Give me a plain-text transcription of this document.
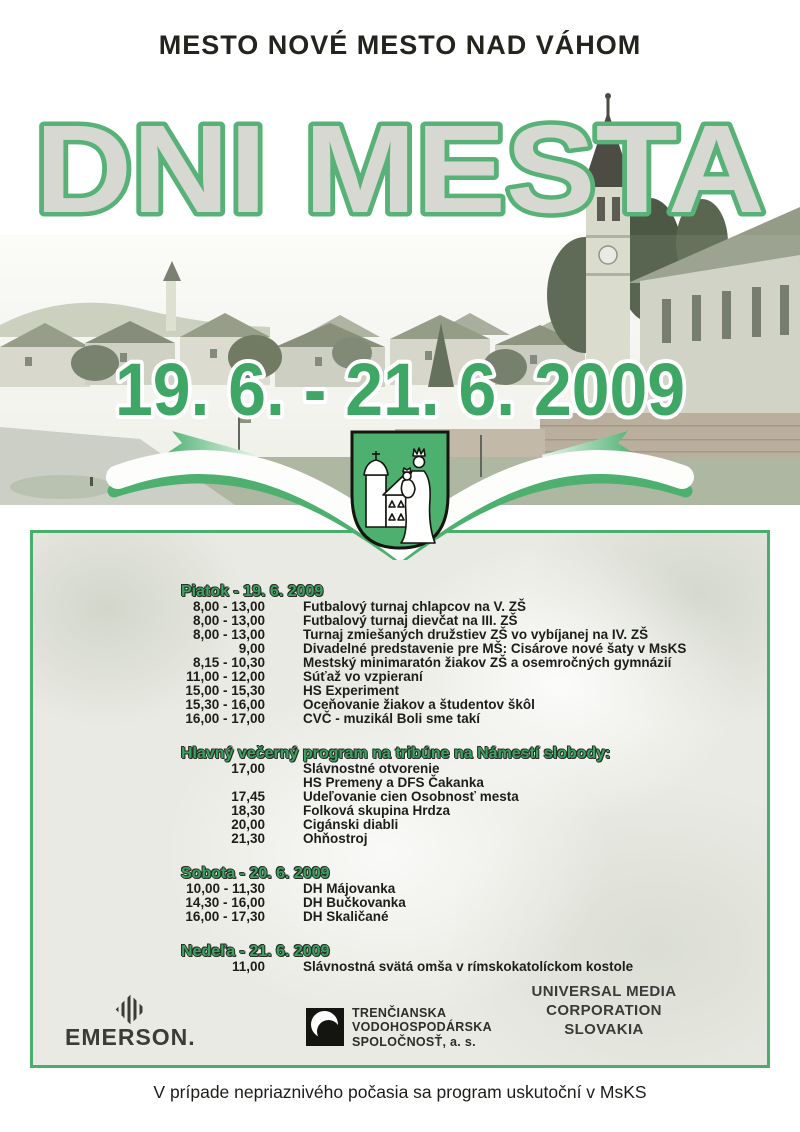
MESTO NOVÉ MESTO NAD VÁHOM
DNI MESTA
19. 6. - 21. 6. 2009
Piatok - 19. 6. 2009
8,00 - 13,00	Futbalový turnaj chlapcov na V. ZŠ
8,00 - 13,00	Futbalový turnaj dievčat na III. ZŠ
8,00 - 13,00	Turnaj zmiešaných družstiev ZŠ vo vybíjanej na IV. ZŠ
9,00	Divadelné predstavenie pre MŠ: Cisárove nové šaty v MsKS
8,15 - 10,30	Mestský minimaratón žiakov ZŠ a osemročných gymnázií
11,00 - 12,00	Súťaž vo vzpieraní
15,00 - 15,30	HS Experiment
15,30 - 16,00	Oceňovanie žiakov a študentov škôl
16,00 - 17,00	CVČ - muzikál Boli sme takí
Hlavný večerný program na tribúne na Námestí slobody:
17,00	Slávnostné otvorenie
HS Premeny a DFS Čakanka
17,45	Udeľovanie cien Osobnosť mesta
18,30	Folková skupina Hrdza
20,00	Cigánski diabli
21,30	Ohňostroj
Sobota - 20. 6. 2009
10,00 - 11,30	DH Májovanka
14,30 - 16,00	DH Bučkovanka
16,00 - 17,30	DH Skaličané
Nedeľa - 21. 6. 2009
11,00	Slávnostná svätá omša v rímskokatolíckom kostole
EMERSON.
TRENČIANSKA
VODOHOSPODÁRSKA
SPOLOČNOSŤ, a. s.
UNIVERSAL MEDIA CORPORATION
SLOVAKIA
V prípade nepriaznivého počasia sa program uskutoční v MsKS
